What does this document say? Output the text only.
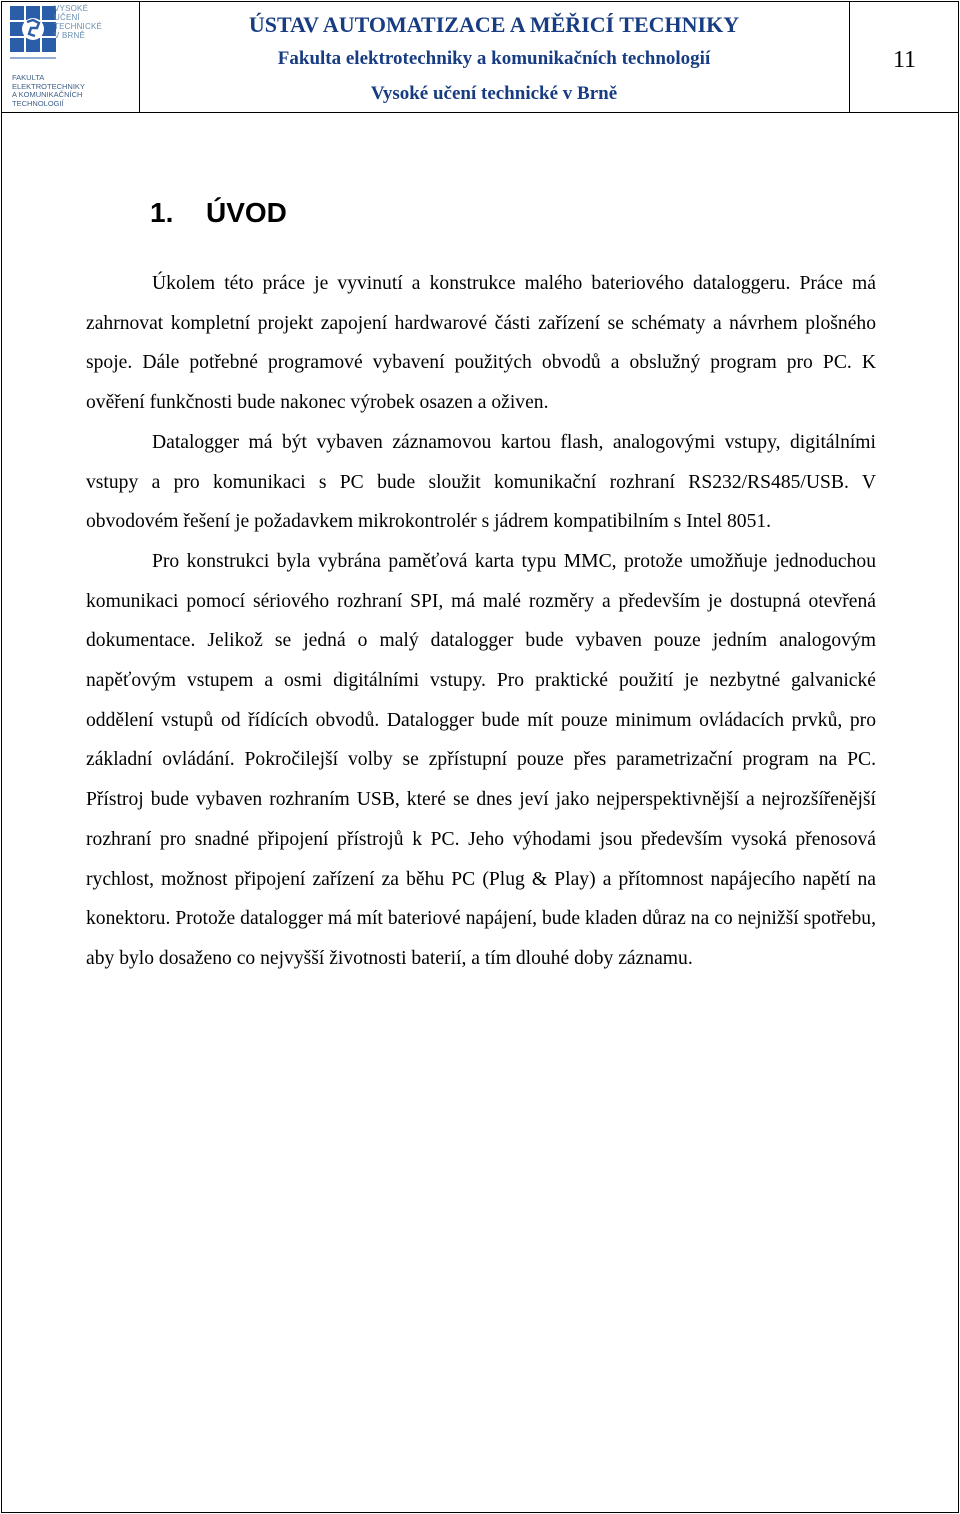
VYSOKÉ
UČENÍ
TECHNICKÉ
V BRNĚ
FAKULTA
ELEKTROTECHNIKY
A KOMUNIKAČNÍCH
TECHNOLOGIÍ
ÚSTAV AUTOMATIZACE A MĚŘICÍ TECHNIKY
Fakulta elektrotechniky a komunikačních technologií
Vysoké učení technické v Brně
11
1. ÚVOD

Úkolem této práce je vyvinutí a konstrukce malého bateriového dataloggeru. Práce má zahrnovat kompletní projekt zapojení hardwarové části zařízení se schématy a návrhem plošného spoje. Dále potřebné programové vybavení použitých obvodů a obslužný program pro PC. K ověření funkčnosti bude nakonec výrobek osazen a oživen.

Datalogger má být vybaven záznamovou kartou flash, analogovými vstupy, digitálními vstupy a pro komunikaci s PC bude sloužit komunikační rozhraní RS232/RS485/USB. V obvodovém řešení je požadavkem mikrokontrolér s jádrem kompatibilním s Intel 8051.

Pro konstrukci byla vybrána paměťová karta typu MMC, protože umožňuje jednoduchou komunikaci pomocí sériového rozhraní SPI, má malé rozměry a především je dostupná otevřená dokumentace. Jelikož se jedná o malý datalogger bude vybaven pouze jedním analogovým napěťovým vstupem a osmi digitálními vstupy. Pro praktické použití je nezbytné galvanické oddělení vstupů od řídících obvodů. Datalogger bude mít pouze minimum ovládacích prvků, pro základní ovládání. Pokročilejší volby se zpřístupní pouze přes parametrizační program na PC. Přístroj bude vybaven rozhraním USB, které se dnes jeví jako nejperspektivnější a nejrozšířenější rozhraní pro snadné připojení přístrojů k PC. Jeho výhodami jsou především vysoká přenosová rychlost, možnost připojení zařízení za běhu PC (Plug & Play) a přítomnost napájecího napětí na konektoru. Protože datalogger má mít bateriové napájení, bude kladen důraz na co nejnižší spotřebu, aby bylo dosaženo co nejvyšší životnosti baterií, a tím dlouhé doby záznamu.
